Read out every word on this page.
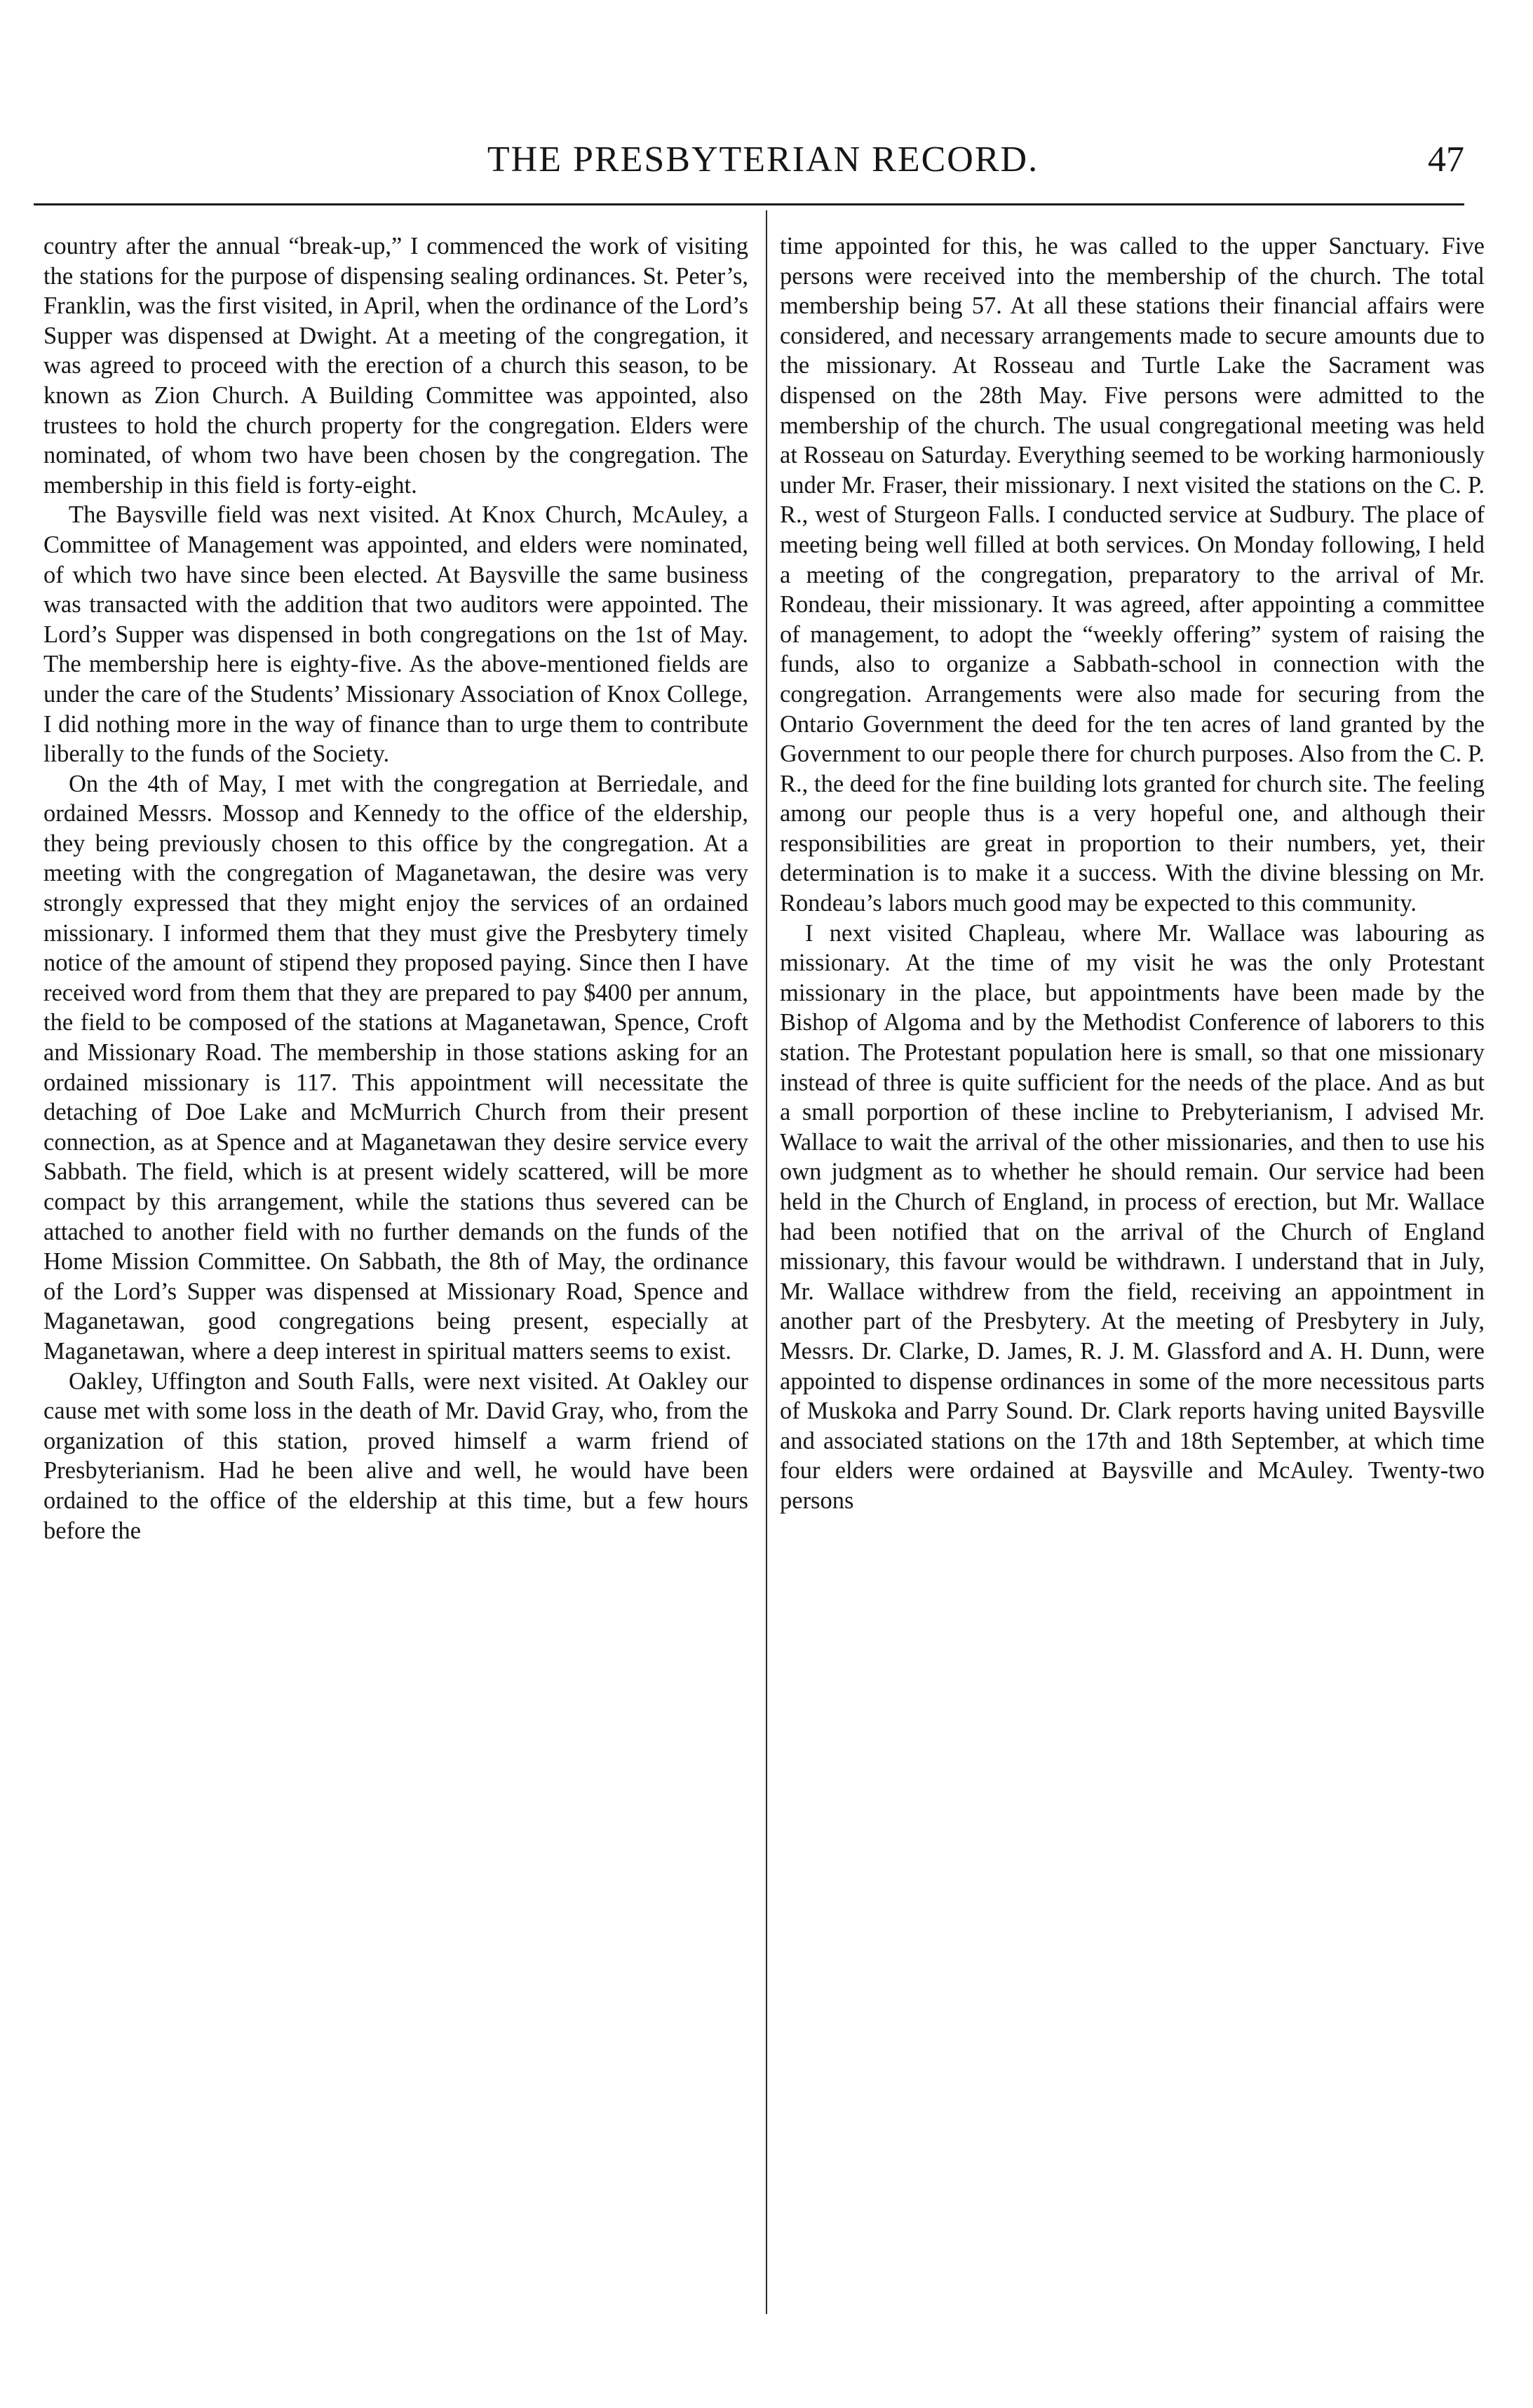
THE PRESBYTERIAN RECORD.	47

country after the annual “break-up,” I commenced the work of visiting the stations for the purpose of dispensing sealing ordinances. St. Peter’s, Franklin, was the first visited, in April, when the ordinance of the Lord’s Supper was dispensed at Dwight. At a meeting of the congregation, it was agreed to proceed with the erection of a church this season, to be known as Zion Church. A Building Committee was appointed, also trustees to hold the church property for the congregation. Elders were nominated, of whom two have been chosen by the congregation. The membership in this field is forty-eight.

The Baysville field was next visited. At Knox Church, McAuley, a Committee of Management was appointed, and elders were nominated, of which two have since been elected. At Baysville the same business was transacted with the addition that two auditors were appointed. The Lord’s Supper was dispensed in both congregations on the 1st of May. The membership here is eighty-five. As the above-mentioned fields are under the care of the Students’ Missionary Association of Knox College, I did nothing more in the way of finance than to urge them to contribute liberally to the funds of the Society.

On the 4th of May, I met with the congregation at Berriedale, and ordained Messrs. Mossop and Kennedy to the office of the eldership, they being previously chosen to this office by the congregation. At a meeting with the congregation of Maganetawan, the desire was very strongly expressed that they might enjoy the services of an ordained missionary. I informed them that they must give the Presbytery timely notice of the amount of stipend they proposed paying. Since then I have received word from them that they are prepared to pay $400 per annum, the field to be composed of the stations at Maganetawan, Spence, Croft and Missionary Road. The membership in those stations asking for an ordained missionary is 117. This appointment will necessitate the detaching of Doe Lake and McMurrich Church from their present connection, as at Spence and at Maganetawan they desire service every Sabbath. The field, which is at present widely scattered, will be more compact by this arrangement, while the stations thus severed can be attached to another field with no further demands on the funds of the Home Mission Committee. On Sabbath, the 8th of May, the ordinance of the Lord’s Supper was dispensed at Missionary Road, Spence and Maganetawan, good congregations being present, especially at Maganetawan, where a deep interest in spiritual matters seems to exist.

Oakley, Uffington and South Falls, were next visited. At Oakley our cause met with some loss in the death of Mr. David Gray, who, from the organization of this station, proved himself a warm friend of Presbyterianism. Had he been alive and well, he would have been ordained to the office of the eldership at this time, but a few hours before the

time appointed for this, he was called to the upper Sanctuary. Five persons were received into the membership of the church. The total membership being 57. At all these stations their financial affairs were considered, and necessary arrangements made to secure amounts due to the missionary. At Rosseau and Turtle Lake the Sacrament was dispensed on the 28th May. Five persons were admitted to the membership of the church. The usual congregational meeting was held at Rosseau on Saturday. Everything seemed to be working harmoniously under Mr. Fraser, their missionary. I next visited the stations on the C. P. R., west of Sturgeon Falls. I conducted service at Sudbury. The place of meeting being well filled at both services. On Monday following, I held a meeting of the congregation, preparatory to the arrival of Mr. Rondeau, their missionary. It was agreed, after appointing a committee of management, to adopt the “weekly offering” system of raising the funds, also to organize a Sabbath-school in connection with the congregation. Arrangements were also made for securing from the Ontario Government the deed for the ten acres of land granted by the Government to our people there for church purposes. Also from the C. P. R., the deed for the fine building lots granted for church site. The feeling among our people thus is a very hopeful one, and although their responsibilities are great in proportion to their numbers, yet, their determination is to make it a success. With the divine blessing on Mr. Rondeau’s labors much good may be expected to this community.

I next visited Chapleau, where Mr. Wallace was labouring as missionary. At the time of my visit he was the only Protestant missionary in the place, but appointments have been made by the Bishop of Algoma and by the Methodist Conference of laborers to this station. The Protestant population here is small, so that one missionary instead of three is quite sufficient for the needs of the place. And as but a small porportion of these incline to Prebyterianism, I advised Mr. Wallace to wait the arrival of the other missionaries, and then to use his own judgment as to whether he should remain. Our service had been held in the Church of England, in process of erection, but Mr. Wallace had been notified that on the arrival of the Church of England missionary, this favour would be withdrawn. I understand that in July, Mr. Wallace withdrew from the field, receiving an appointment in another part of the Presbytery. At the meeting of Presbytery in July, Messrs. Dr. Clarke, D. James, R. J. M. Glassford and A. H. Dunn, were appointed to dispense ordinances in some of the more necessitous parts of Muskoka and Parry Sound. Dr. Clark reports having united Baysville and associated stations on the 17th and 18th September, at which time four elders were ordained at Baysville and McAuley. Twenty-two persons
